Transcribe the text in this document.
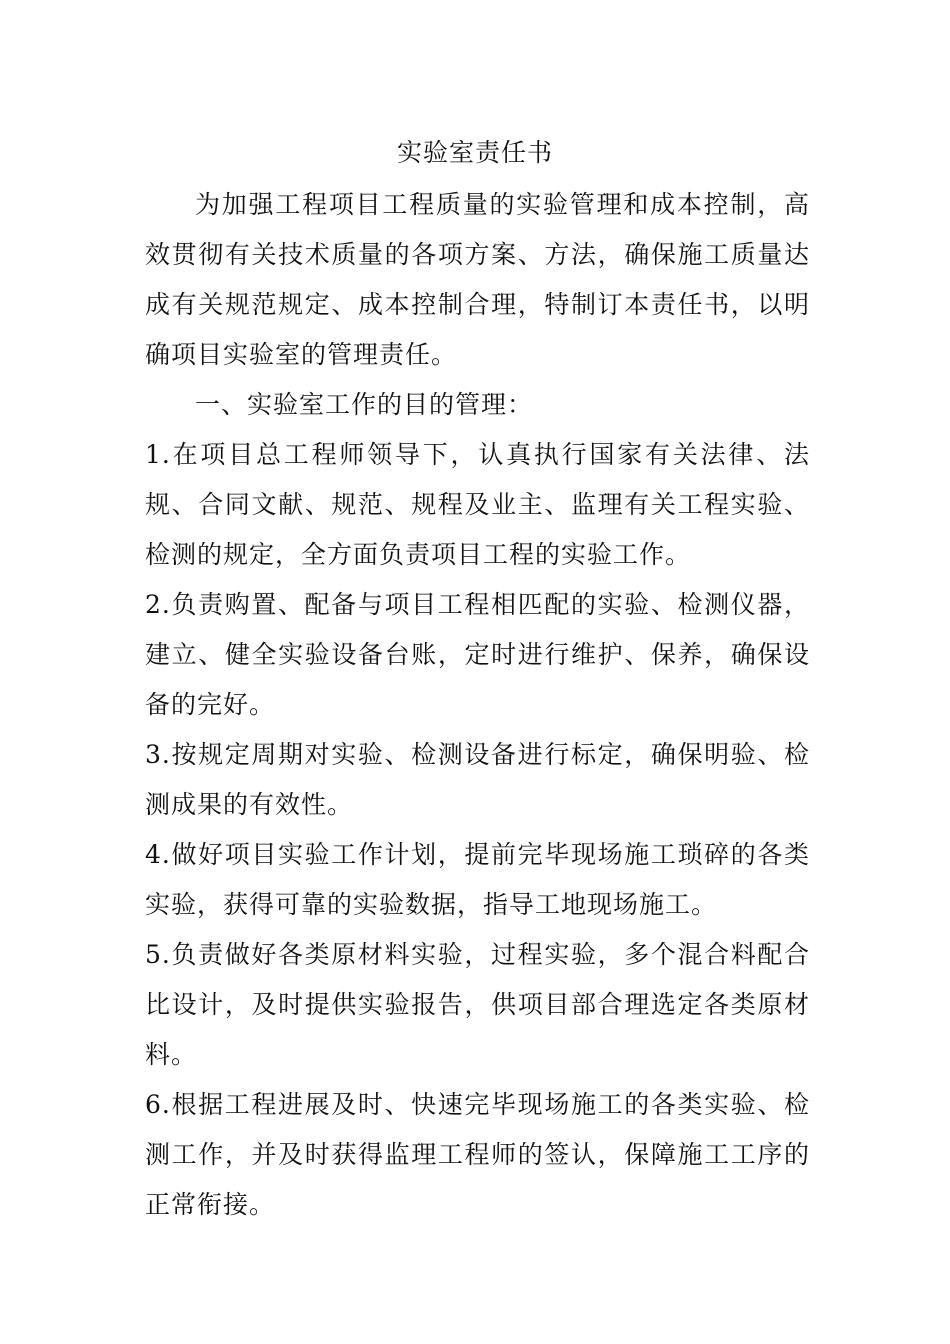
实验室责任书

为加强工程项目工程质量的实验管理和成本控制，高效贯彻有关技术质量的各项方案、方法，确保施工质量达成有关规范规定、成本控制合理，特制订本责任书，以明确项目实验室的管理责任。

一、实验室工作的目的管理：

1.在项目总工程师领导下，认真执行国家有关法律、法规、合同文献、规范、规程及业主、监理有关工程实验、检测的规定，全方面负责项目工程的实验工作。

2.负责购置、配备与项目工程相匹配的实验、检测仪器，建立、健全实验设备台账，定时进行维护、保养，确保设备的完好。

3.按规定周期对实验、检测设备进行标定，确保明验、检测成果的有效性。

4.做好项目实验工作计划，提前完毕现场施工琐碎的各类实验，获得可靠的实验数据，指导工地现场施工。

5.负责做好各类原材料实验，过程实验，多个混合料配合比设计，及时提供实验报告，供项目部合理选定各类原材料。

6.根据工程进展及时、快速完毕现场施工的各类实验、检测工作，并及时获得监理工程师的签认，保障施工工序的正常衔接。
